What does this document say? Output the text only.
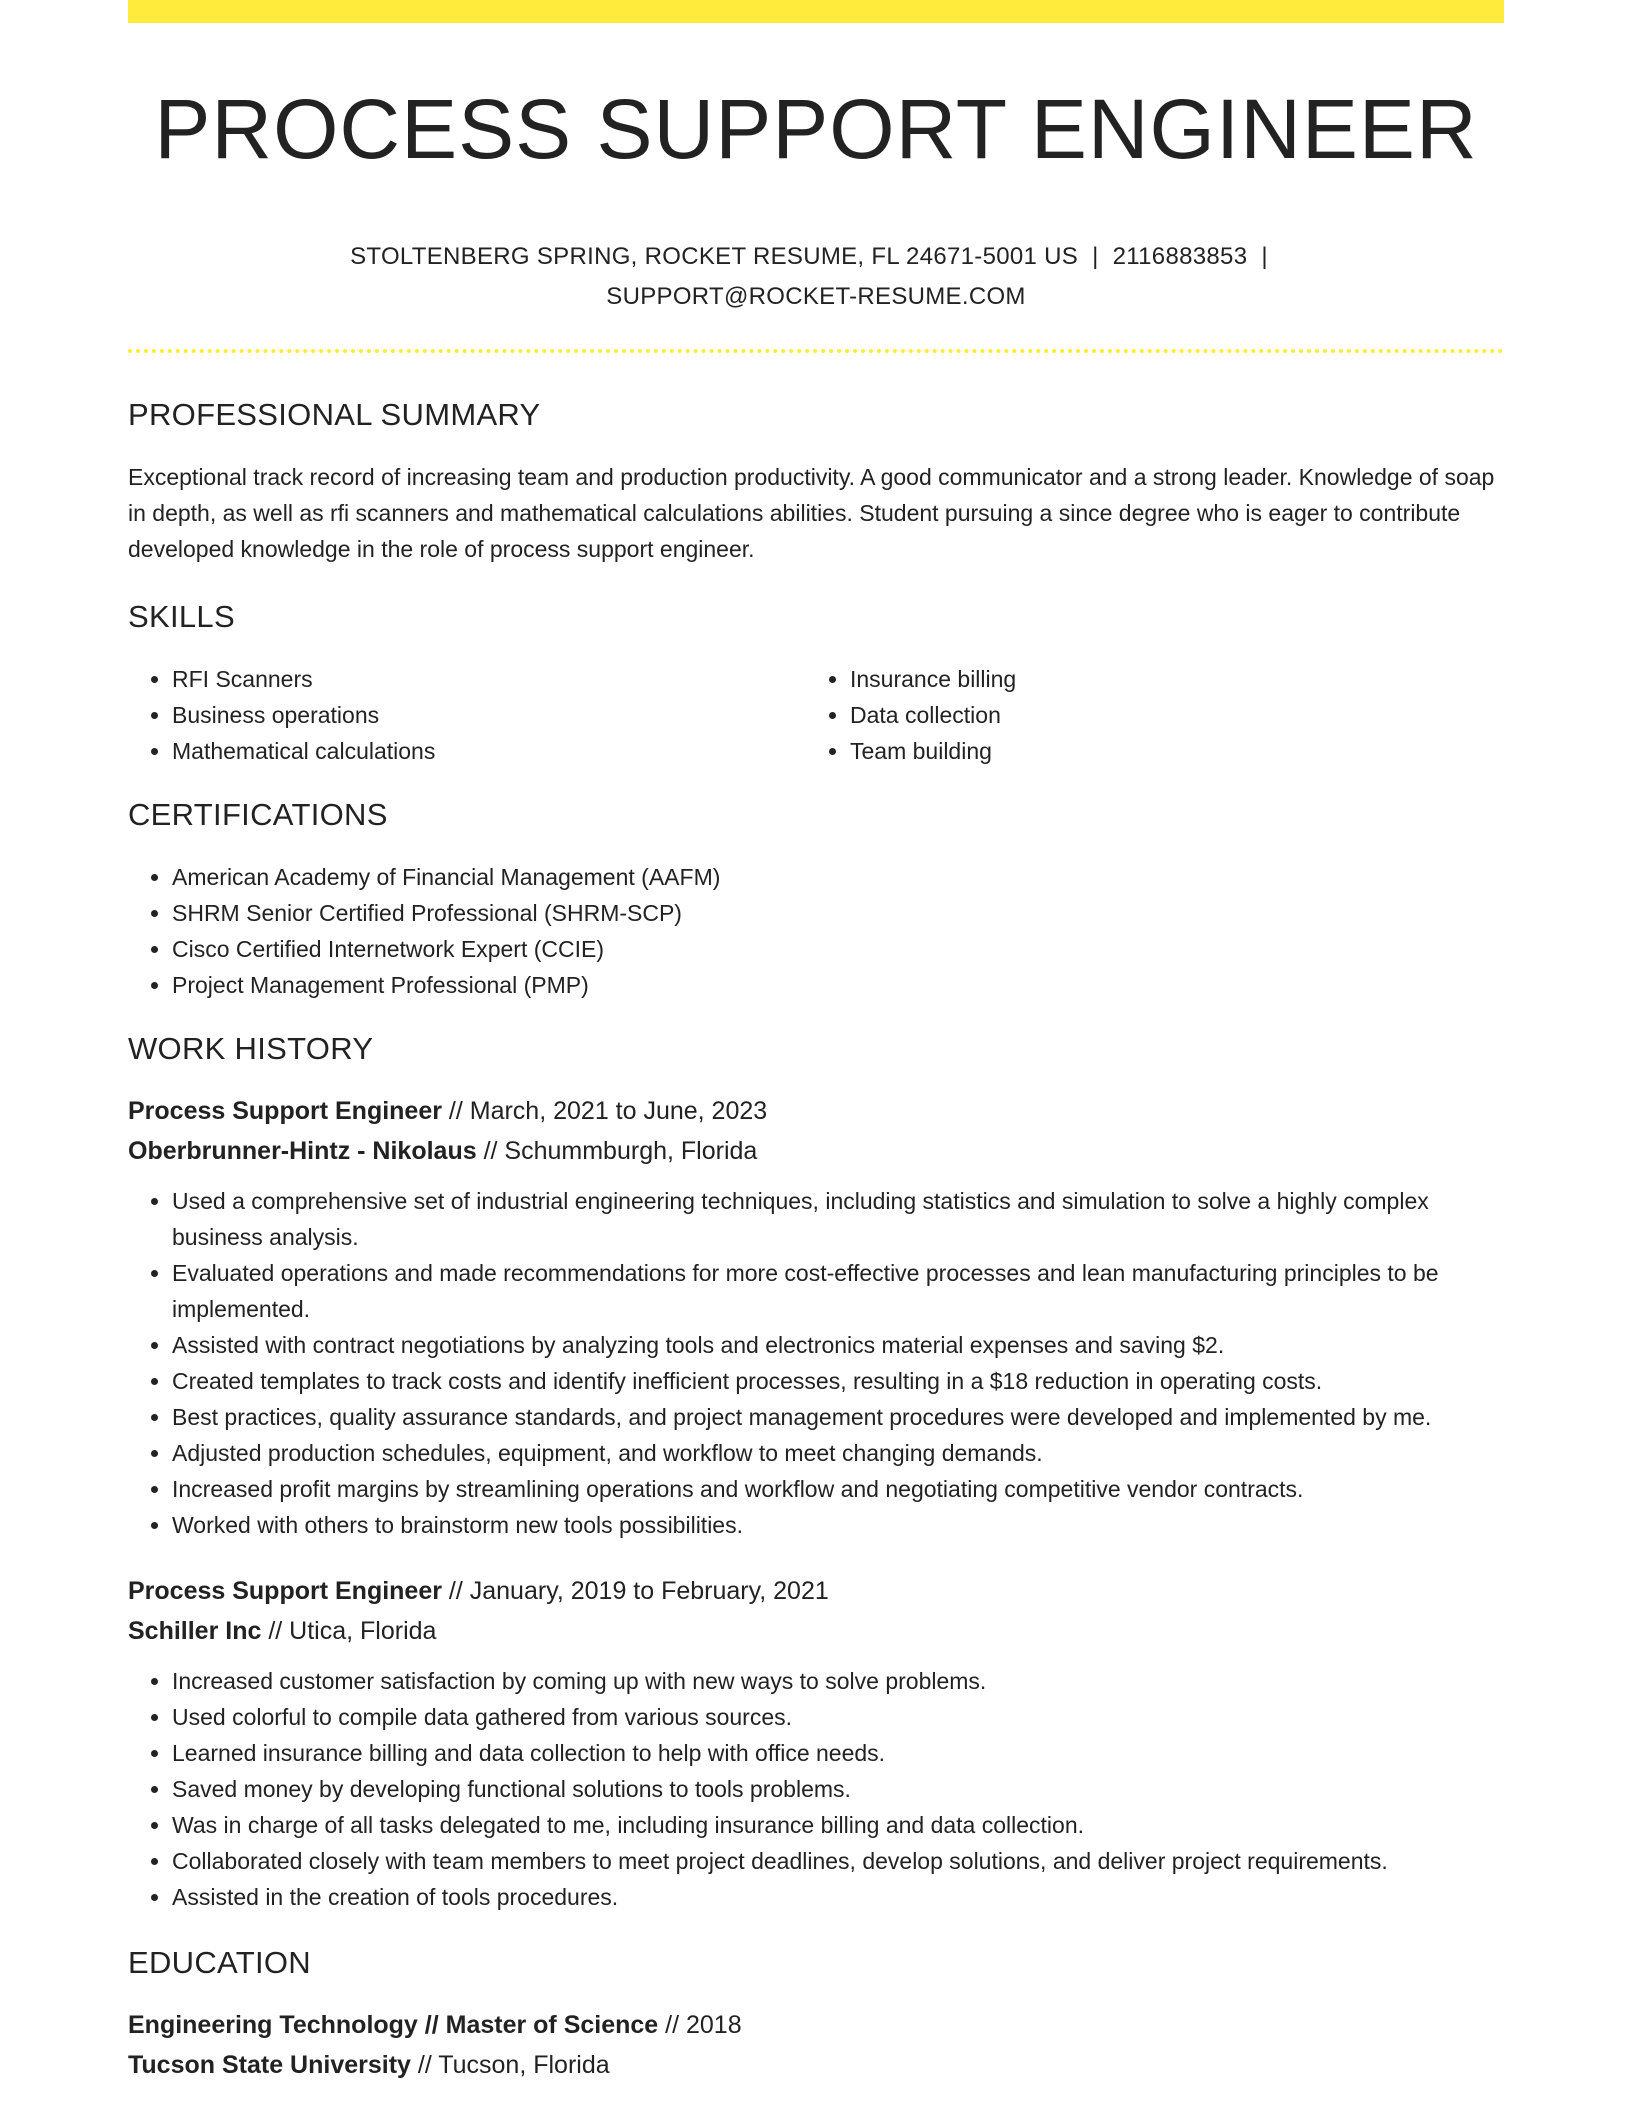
PROCESS SUPPORT ENGINEER
STOLTENBERG SPRING, ROCKET RESUME, FL 24671-5001 US | 2116883853 |
SUPPORT@ROCKET-RESUME.COM
PROFESSIONAL SUMMARY

Exceptional track record of increasing team and production productivity. A good communicator and a strong leader. Knowledge of soap in depth, as well as rfi scanners and mathematical calculations abilities. Student pursuing a since degree who is eager to contribute developed knowledge in the role of process support engineer.

SKILLS
• RFI Scanners
• Business operations
• Mathematical calculations
• Insurance billing
• Data collection
• Team building
CERTIFICATIONS
• American Academy of Financial Management (AAFM)
• SHRM Senior Certified Professional (SHRM-SCP)
• Cisco Certified Internetwork Expert (CCIE)
• Project Management Professional (PMP)
WORK HISTORY
Process Support Engineer // March, 2021 to June, 2023
Oberbrunner-Hintz - Nikolaus // Schummburgh, Florida
• Used a comprehensive set of industrial engineering techniques, including statistics and simulation to solve a highly complex business analysis.
• Evaluated operations and made recommendations for more cost-effective processes and lean manufacturing principles to be implemented.
• Assisted with contract negotiations by analyzing tools and electronics material expenses and saving $2.
• Created templates to track costs and identify inefficient processes, resulting in a $18 reduction in operating costs.
• Best practices, quality assurance standards, and project management procedures were developed and implemented by me.
• Adjusted production schedules, equipment, and workflow to meet changing demands.
• Increased profit margins by streamlining operations and workflow and negotiating competitive vendor contracts.
• Worked with others to brainstorm new tools possibilities.
Process Support Engineer // January, 2019 to February, 2021
Schiller Inc // Utica, Florida
• Increased customer satisfaction by coming up with new ways to solve problems.
• Used colorful to compile data gathered from various sources.
• Learned insurance billing and data collection to help with office needs.
• Saved money by developing functional solutions to tools problems.
• Was in charge of all tasks delegated to me, including insurance billing and data collection.
• Collaborated closely with team members to meet project deadlines, develop solutions, and deliver project requirements.
• Assisted in the creation of tools procedures.
EDUCATION
Engineering Technology // Master of Science // 2018
Tucson State University // Tucson, Florida
